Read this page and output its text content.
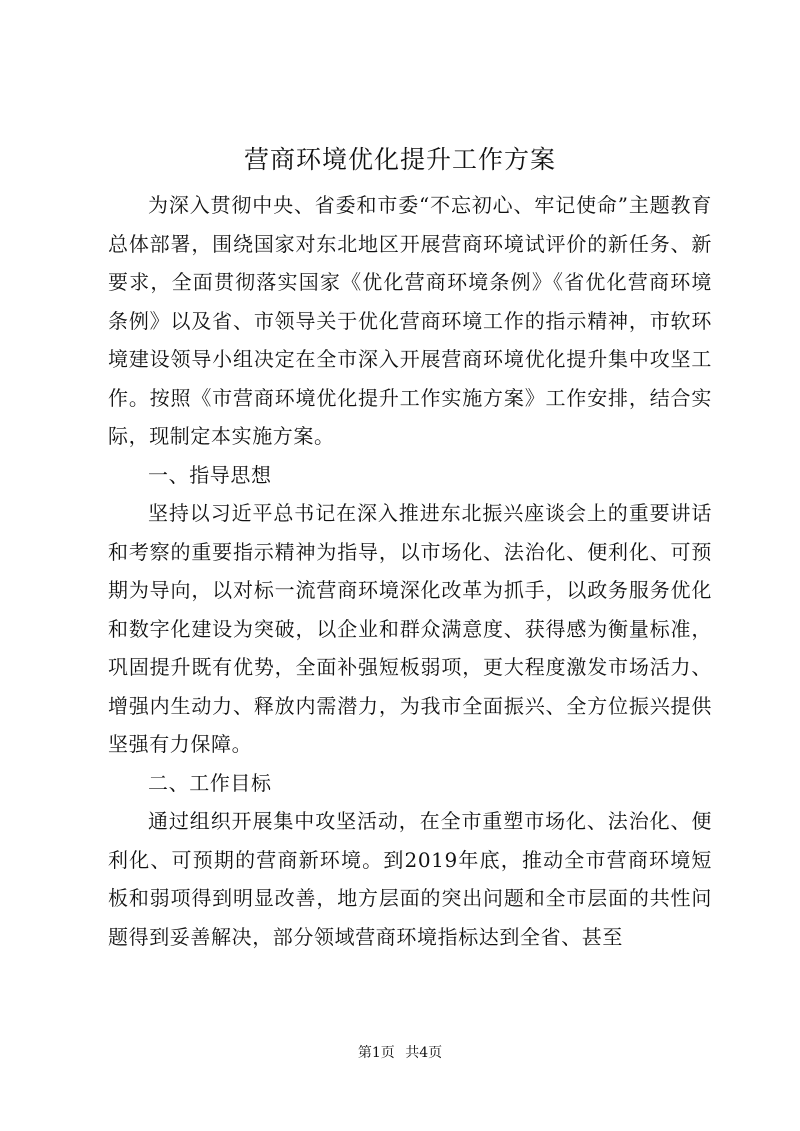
营商环境优化提升工作方案

为深入贯彻中央、省委和市委“不忘初心、牢记使命”主题教育总体部署，围绕国家对东北地区开展营商环境试评价的新任务、新要求，全面贯彻落实国家《优化营商环境条例》《省优化营商环境条例》以及省、市领导关于优化营商环境工作的指示精神，市软环境建设领导小组决定在全市深入开展营商环境优化提升集中攻坚工作。按照《市营商环境优化提升工作实施方案》工作安排，结合实际，现制定本实施方案。

一、指导思想

坚持以习近平总书记在深入推进东北振兴座谈会上的重要讲话和考察的重要指示精神为指导，以市场化、法治化、便利化、可预期为导向，以对标一流营商环境深化改革为抓手，以政务服务优化和数字化建设为突破，以企业和群众满意度、获得感为衡量标准，巩固提升既有优势，全面补强短板弱项，更大程度激发市场活力、增强内生动力、释放内需潜力，为我市全面振兴、全方位振兴提供坚强有力保障。

二、工作目标

通过组织开展集中攻坚活动，在全市重塑市场化、法治化、便利化、可预期的营商新环境。到2019年底，推动全市营商环境短板和弱项得到明显改善，地方层面的突出问题和全市层面的共性问题得到妥善解决，部分领域营商环境指标达到全省、甚至

第1页 共4页
